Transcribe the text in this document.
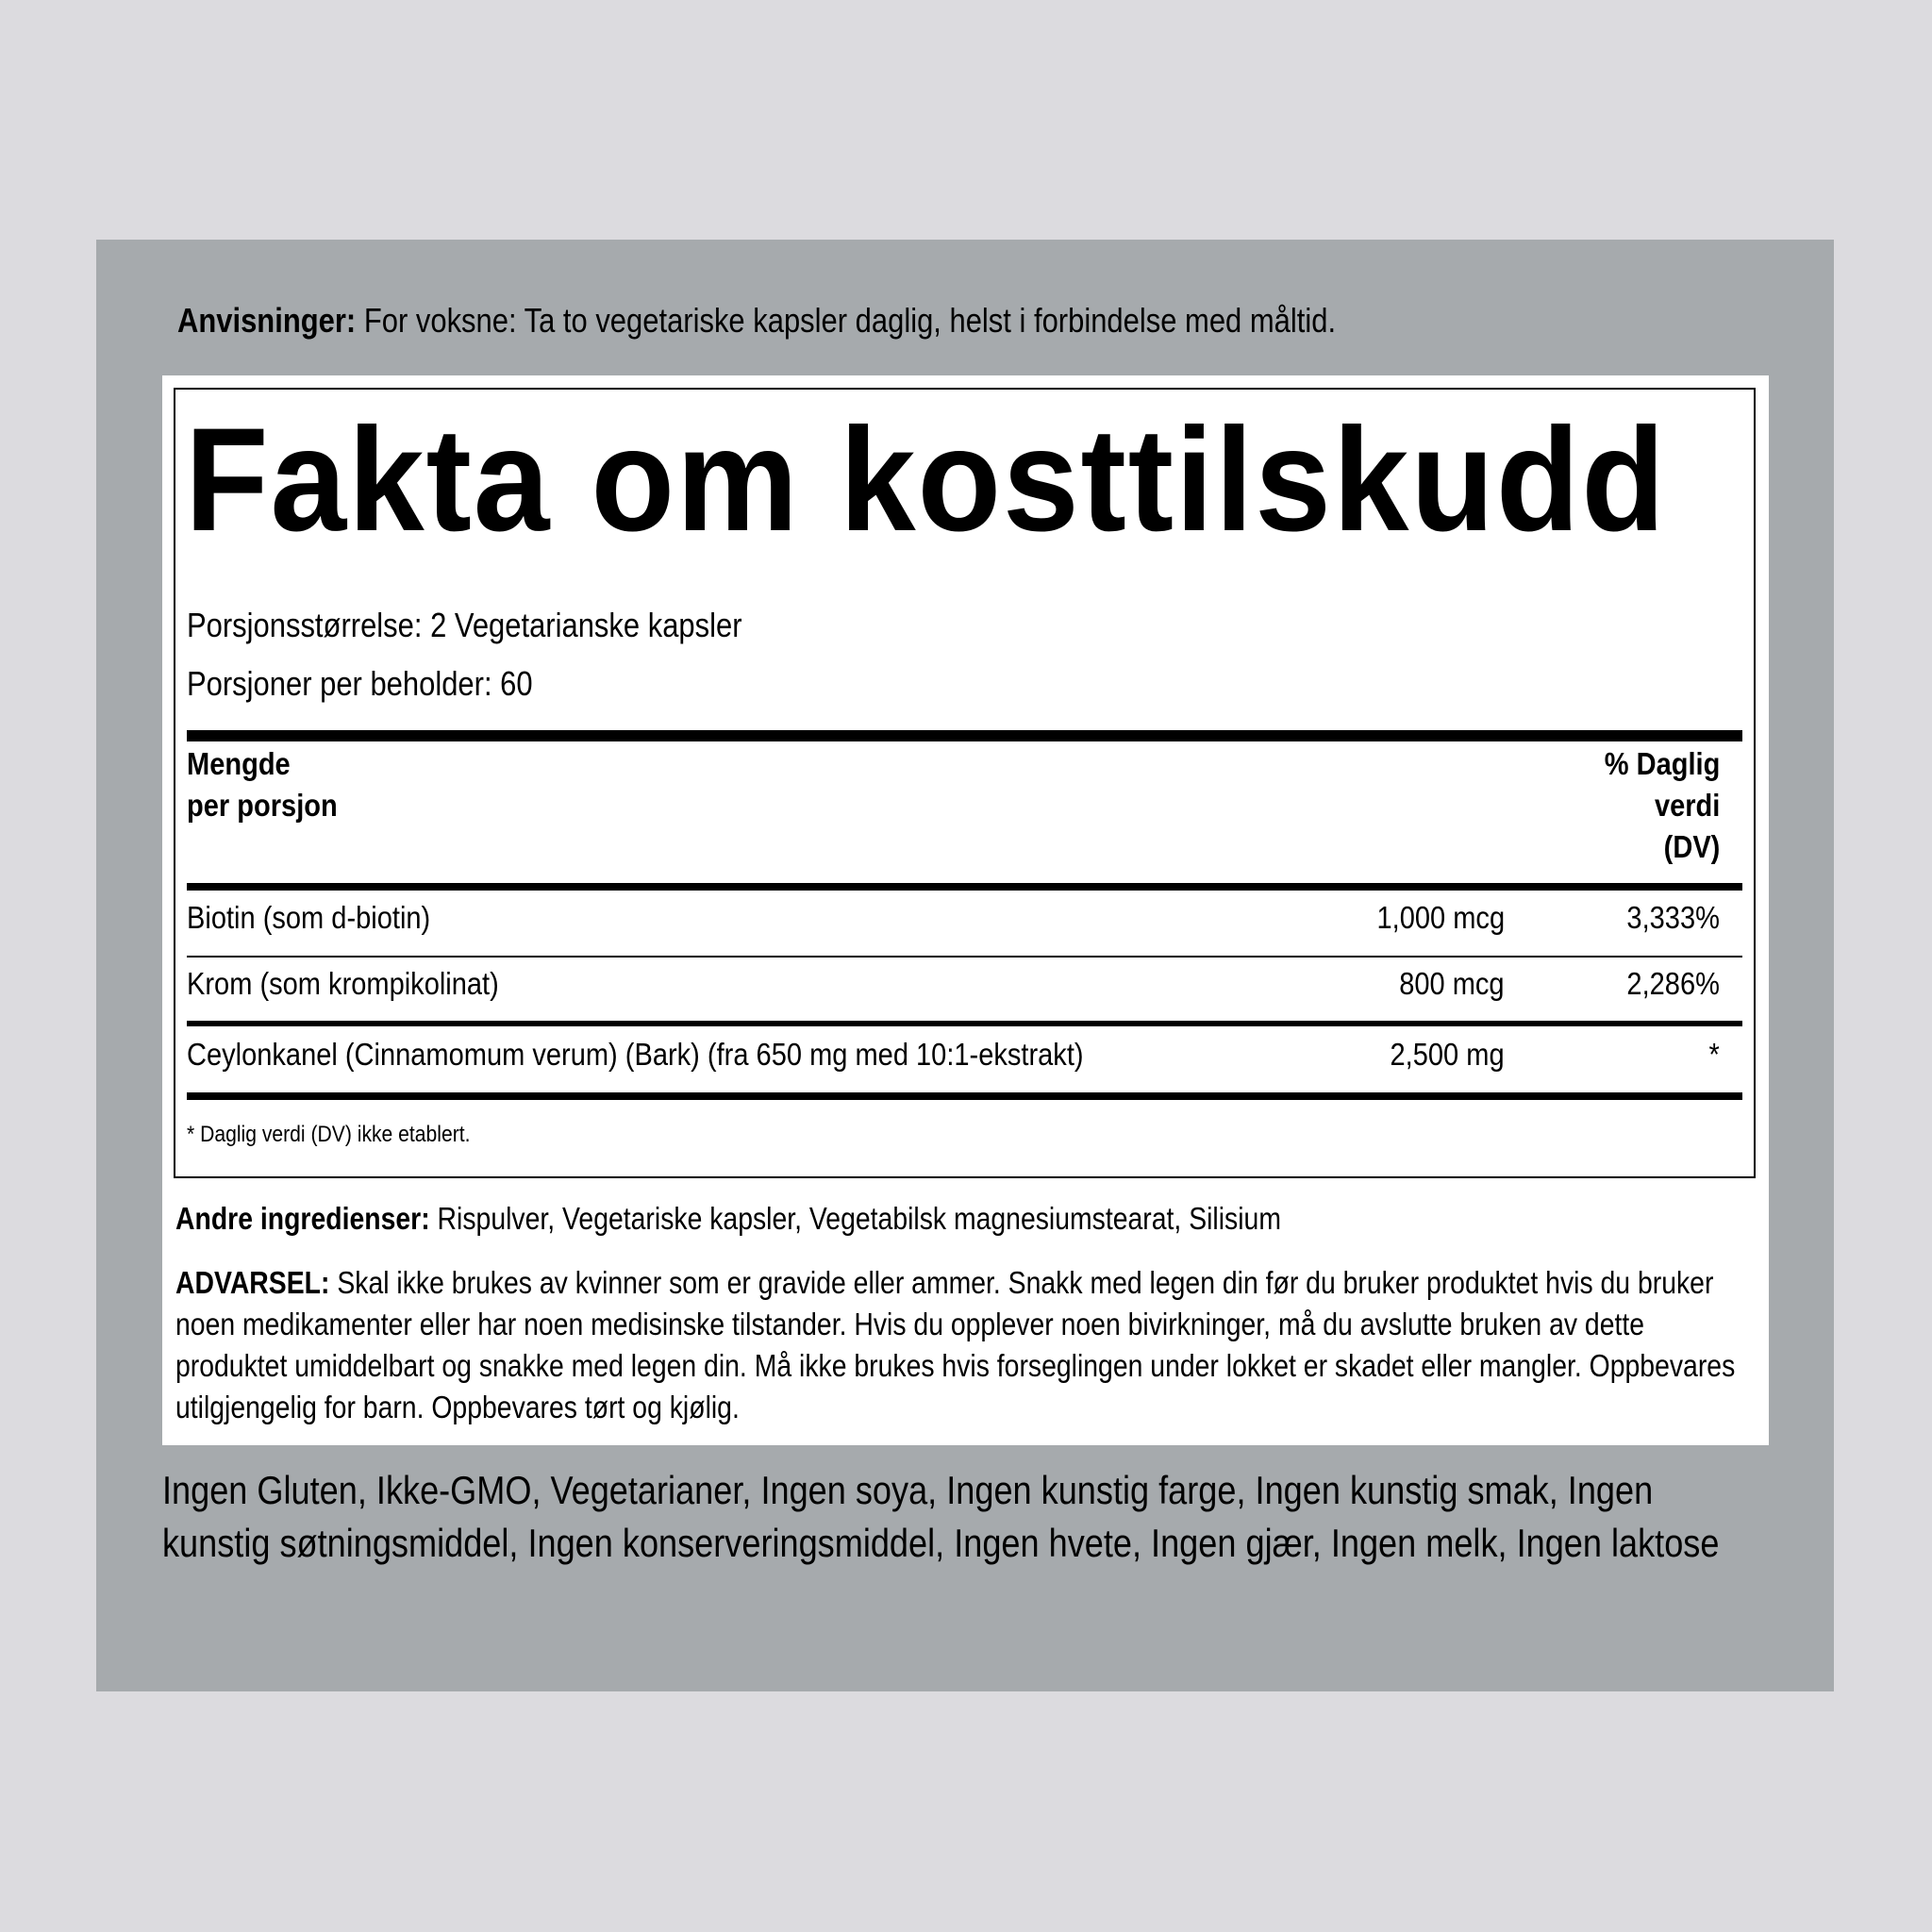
Anvisninger: For voksne: Ta to vegetariske kapsler daglig, helst i forbindelse med måltid.
Fakta om kosttilskudd
Porsjonsstørrelse: 2 Vegetarianske kapsler
Porsjoner per beholder: 60
Mengde
per porsjon
% Daglig
verdi
(DV)
Biotin (som d-biotin)	1,000 mcg	3,333%
Krom (som krompikolinat)	800 mcg	2,286%
Ceylonkanel (Cinnamomum verum) (Bark) (fra 650 mg med 10:1-ekstrakt)	2,500 mg	*
* Daglig verdi (DV) ikke etablert.
Andre ingredienser: Rispulver, Vegetariske kapsler, Vegetabilsk magnesiumstearat, Silisium
ADVARSEL: Skal ikke brukes av kvinner som er gravide eller ammer. Snakk med legen din før du bruker produktet hvis du bruker noen medikamenter eller har noen medisinske tilstander. Hvis du opplever noen bivirkninger, må du avslutte bruken av dette produktet umiddelbart og snakke med legen din. Må ikke brukes hvis forseglingen under lokket er skadet eller mangler. Oppbevares utilgjengelig for barn. Oppbevares tørt og kjølig.
Ingen Gluten, Ikke-GMO, Vegetarianer, Ingen soya, Ingen kunstig farge, Ingen kunstig smak, Ingen kunstig søtningsmiddel, Ingen konserveringsmiddel, Ingen hvete, Ingen gjær, Ingen melk, Ingen laktose
